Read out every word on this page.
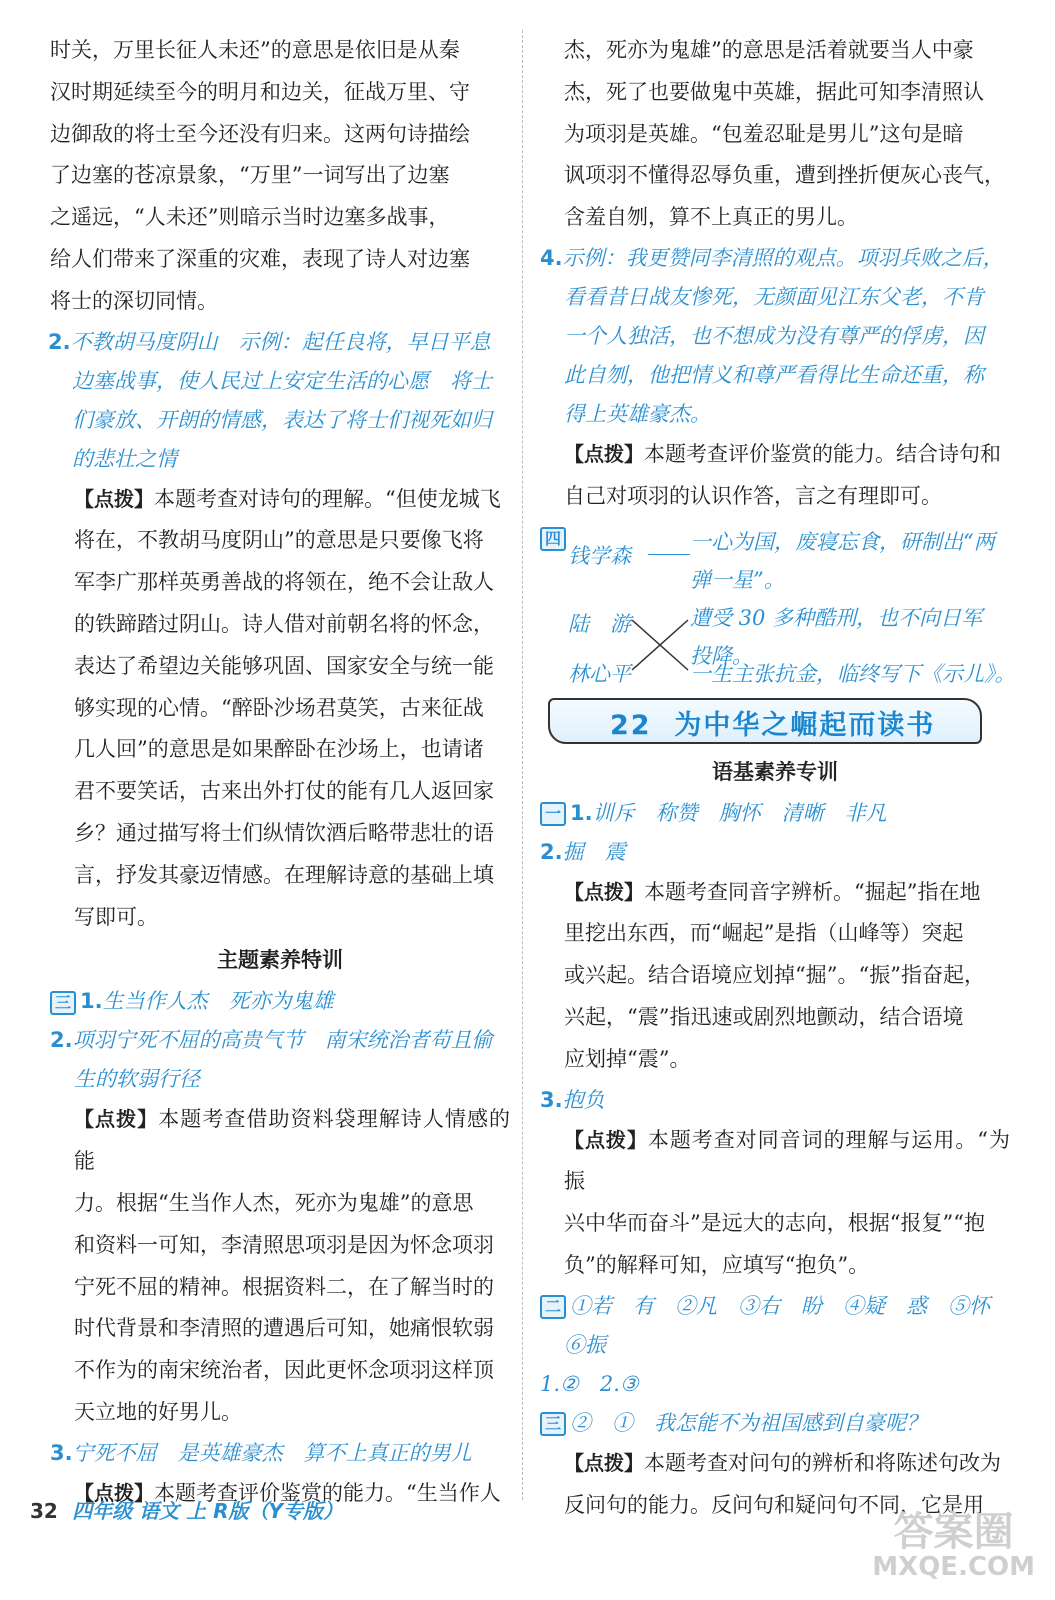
时关，万里长征人未还”的意思是依旧是从秦

汉时期延续至今的明月和边关，征战万里、守

边御敌的将士至今还没有归来。这两句诗描绘

了边塞的苍凉景象，“万里”一词写出了边塞

之遥远，“人未还”则暗示当时边塞多战事，

给人们带来了深重的灾难，表现了诗人对边塞

将士的深切同情。

2.不教胡马度阴山　示例：起任良将，早日平息

边塞战事，使人民过上安定生活的心愿　将士

们豪放、开朗的情感，表达了将士们视死如归

的悲壮之情

【点拨】本题考查对诗句的理解。“但使龙城飞

将在，不教胡马度阴山”的意思是只要像飞将

军李广那样英勇善战的将领在，绝不会让敌人

的铁蹄踏过阴山。诗人借对前朝名将的怀念，

表达了希望边关能够巩固、国家安全与统一能

够实现的心情。“醉卧沙场君莫笑，古来征战

几人回”的意思是如果醉卧在沙场上，也请诸

君不要笑话，古来出外打仗的能有几人返回家

乡？通过描写将士们纵情饮酒后略带悲壮的语

言，抒发其豪迈情感。在理解诗意的基础上填

写即可。

主题素养特训

三 1.生当作人杰　死亦为鬼雄

2.项羽宁死不屈的高贵气节　南宋统治者苟且偷

生的软弱行径

【点拨】本题考查借助资料袋理解诗人情感的能

力。根据“生当作人杰，死亦为鬼雄”的意思

和资料一可知，李清照思项羽是因为怀念项羽

宁死不屈的精神。根据资料二，在了解当时的

时代背景和李清照的遭遇后可知，她痛恨软弱

不作为的南宋统治者，因此更怀念项羽这样顶

天立地的好男儿。

3.宁死不屈　是英雄豪杰　算不上真正的男儿

【点拨】本题考查评价鉴赏的能力。“生当作人

杰，死亦为鬼雄”的意思是活着就要当人中豪

杰，死了也要做鬼中英雄，据此可知李清照认

为项羽是英雄。“包羞忍耻是男儿”这句是暗

讽项羽不懂得忍辱负重，遭到挫折便灰心丧气，

含羞自刎，算不上真正的男儿。

4.示例：我更赞同李清照的观点。项羽兵败之后，

看看昔日战友惨死，无颜面见江东父老，不肯

一个人独活，也不想成为没有尊严的俘虏，因

此自刎，他把情义和尊严看得比生命还重，称

得上英雄豪杰。

【点拨】本题考查评价鉴赏的能力。结合诗句和

自己对项羽的认识作答，言之有理即可。

四
钱学森
一心为国，废寝忘食，研制出“两
弹一星”。
陆　游	遭受 30 多种酷刑，也不向日军
投降。
林心平	一生主张抗金，临终写下《示儿》。
22 为中华之崛起而读书
语基素养专训

一 1.训斥　称赞　胸怀　清晰　非凡

2.掘　震

【点拨】本题考查同音字辨析。“掘起”指在地

里挖出东西，而“崛起”是指（山峰等）突起

或兴起。结合语境应划掉“掘”。“振”指奋起，

兴起，“震”指迅速或剧烈地颤动，结合语境

应划掉“震”。

3.抱负

【点拨】本题考查对同音词的理解与运用。“为振

兴中华而奋斗”是远大的志向，根据“报复”“抱

负”的解释可知，应填写“抱负”。

二 ①若　有　②凡　③右　盼　④疑　惑　⑤怀

⑥振

1.②　2.③

三 ②　①　我怎能不为祖国感到自豪呢？

【点拨】本题考查对问句的辨析和将陈述句改为

反问句的能力。反问句和疑问句不同，它是用

32 四年级 语文 上 R版（Y专版）	答案圈
MXQE.COM
